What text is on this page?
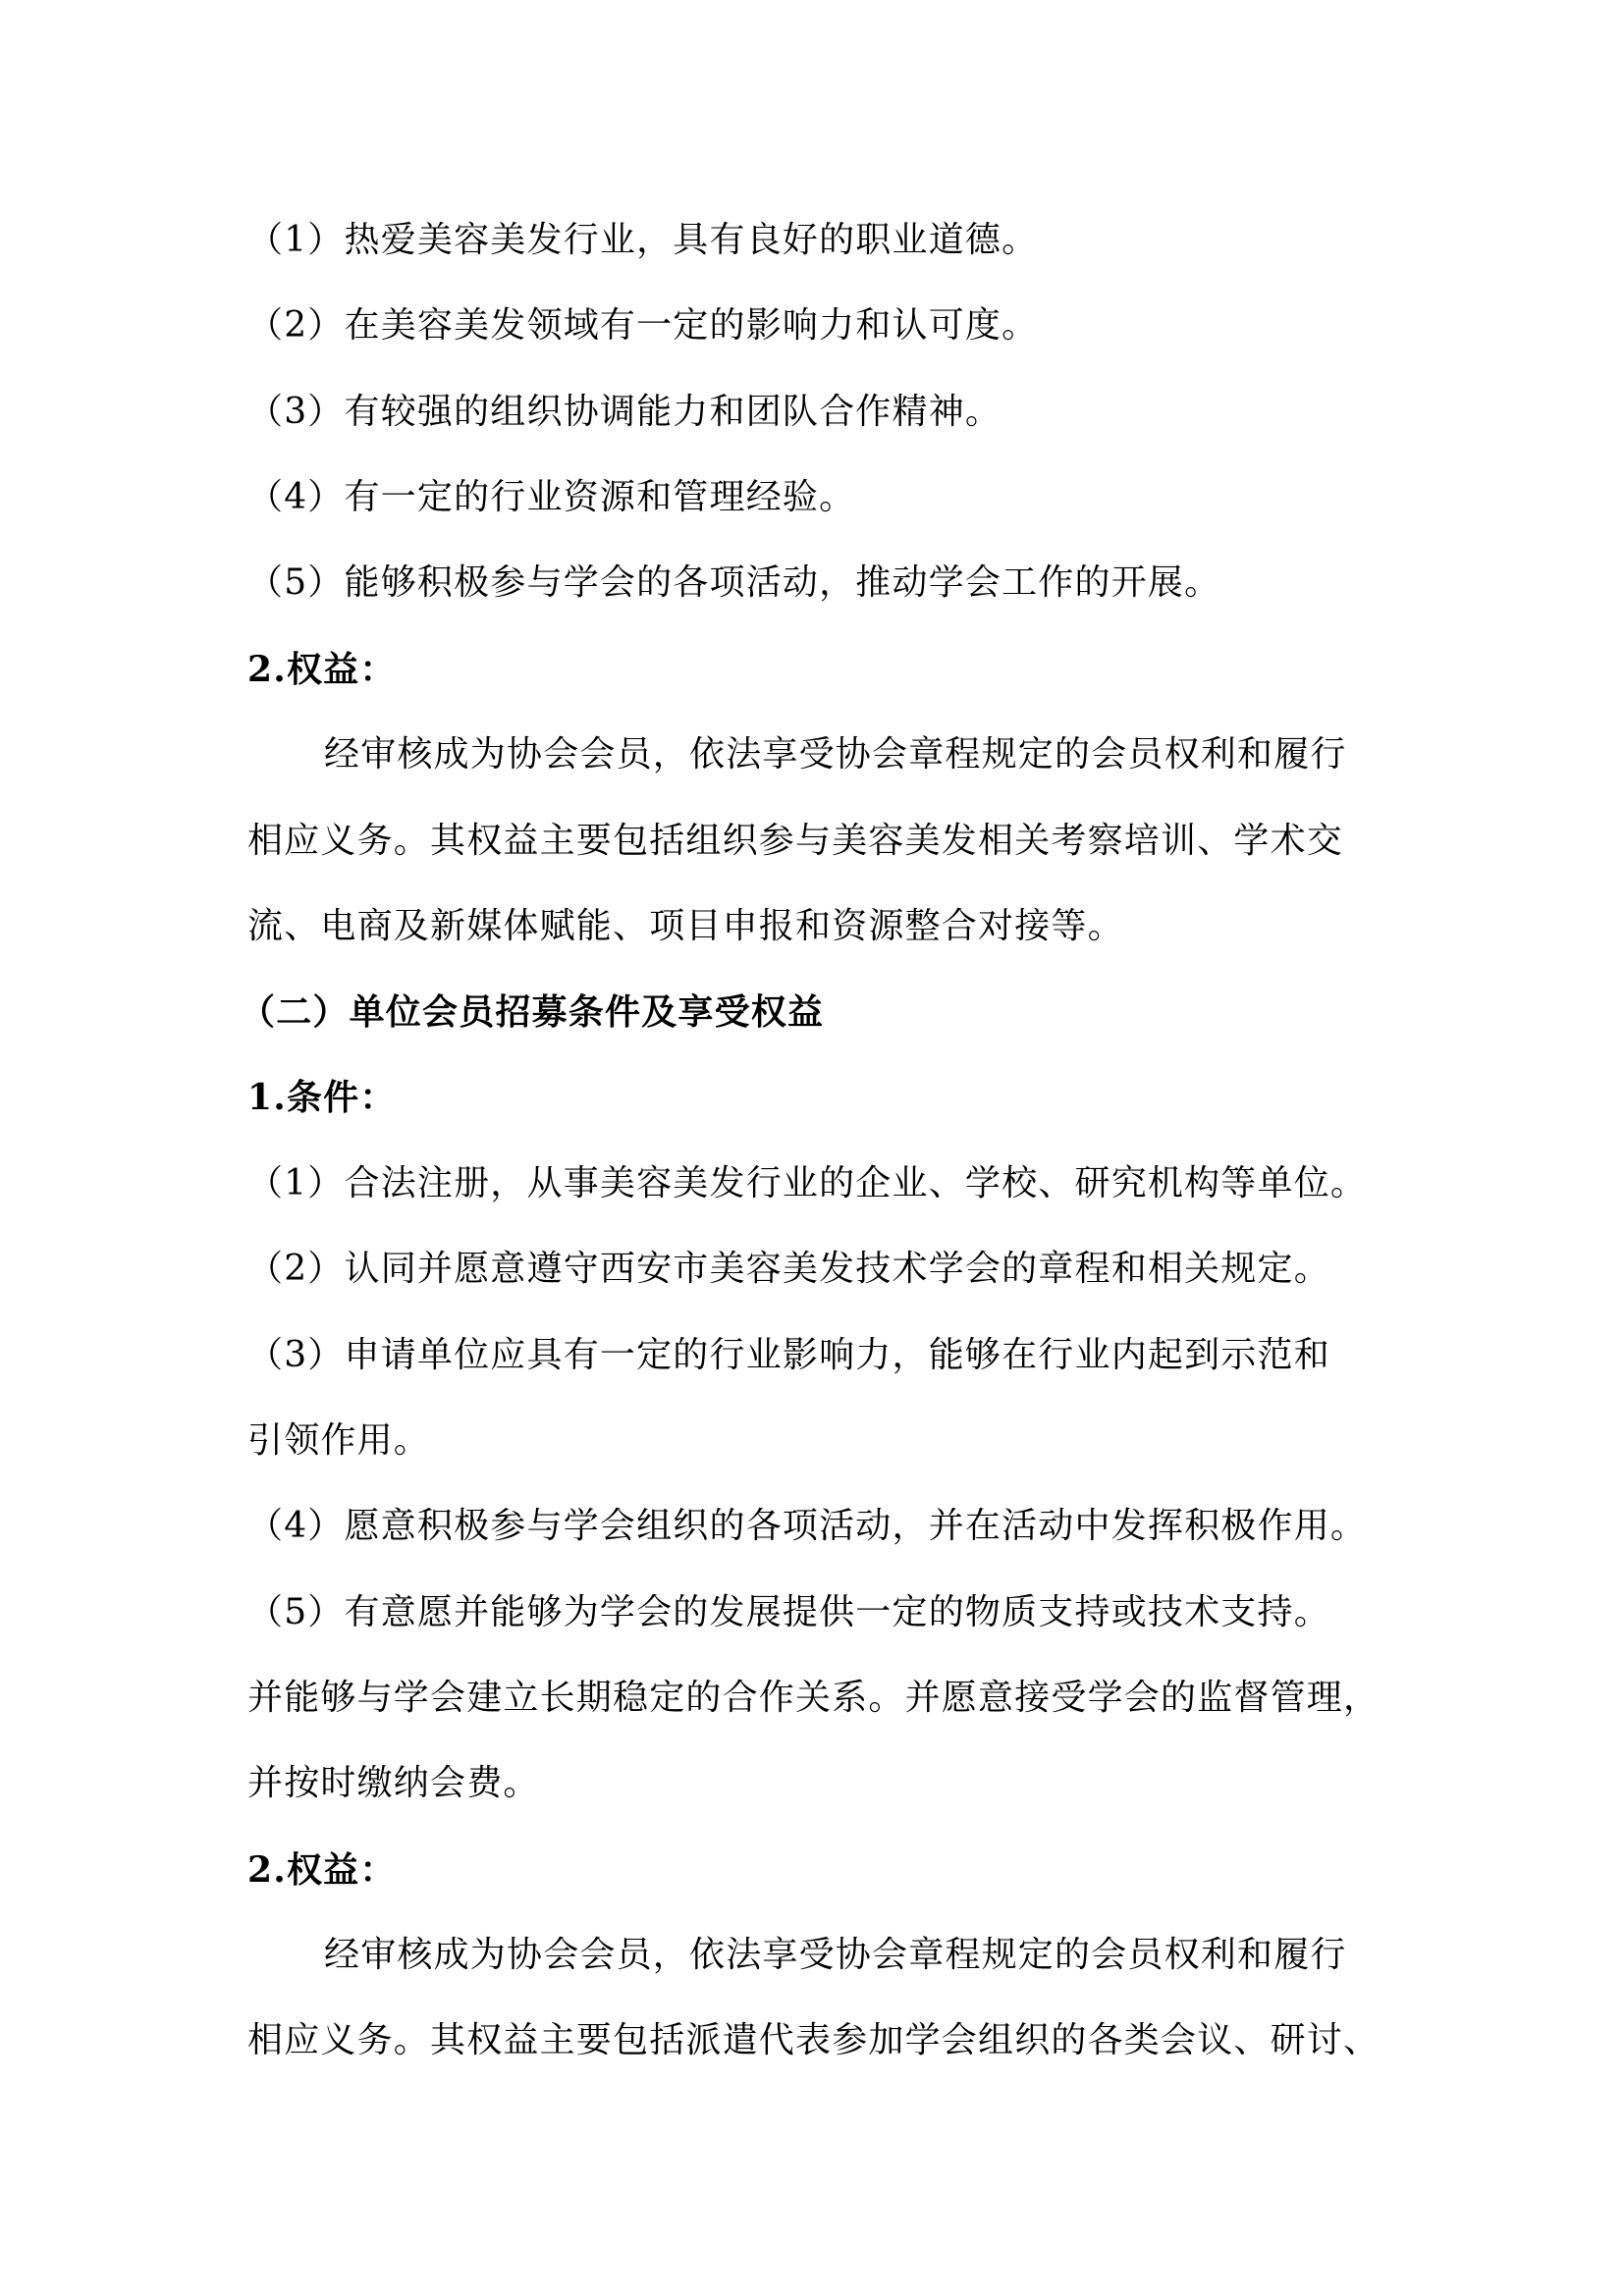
（1）热爱美容美发行业，具有良好的职业道德。
（2）在美容美发领域有一定的影响力和认可度。
（3）有较强的组织协调能力和团队合作精神。
（4）有一定的行业资源和管理经验。
（5）能够积极参与学会的各项活动，推动学会工作的开展。
2.权益：
经审核成为协会会员，依法享受协会章程规定的会员权利和履行
相应义务。其权益主要包括组织参与美容美发相关考察培训、学术交
流、电商及新媒体赋能、项目申报和资源整合对接等。
（二）单位会员招募条件及享受权益
1.条件：
（1）合法注册，从事美容美发行业的企业、学校、研究机构等单位。
（2）认同并愿意遵守西安市美容美发技术学会的章程和相关规定。
（3）申请单位应具有一定的行业影响力，能够在行业内起到示范和
引领作用。
（4）愿意积极参与学会组织的各项活动，并在活动中发挥积极作用。
（5）有意愿并能够为学会的发展提供一定的物质支持或技术支持。
并能够与学会建立长期稳定的合作关系。并愿意接受学会的监督管理，
并按时缴纳会费。
2.权益：
经审核成为协会会员，依法享受协会章程规定的会员权利和履行
相应义务。其权益主要包括派遣代表参加学会组织的各类会议、研讨、
